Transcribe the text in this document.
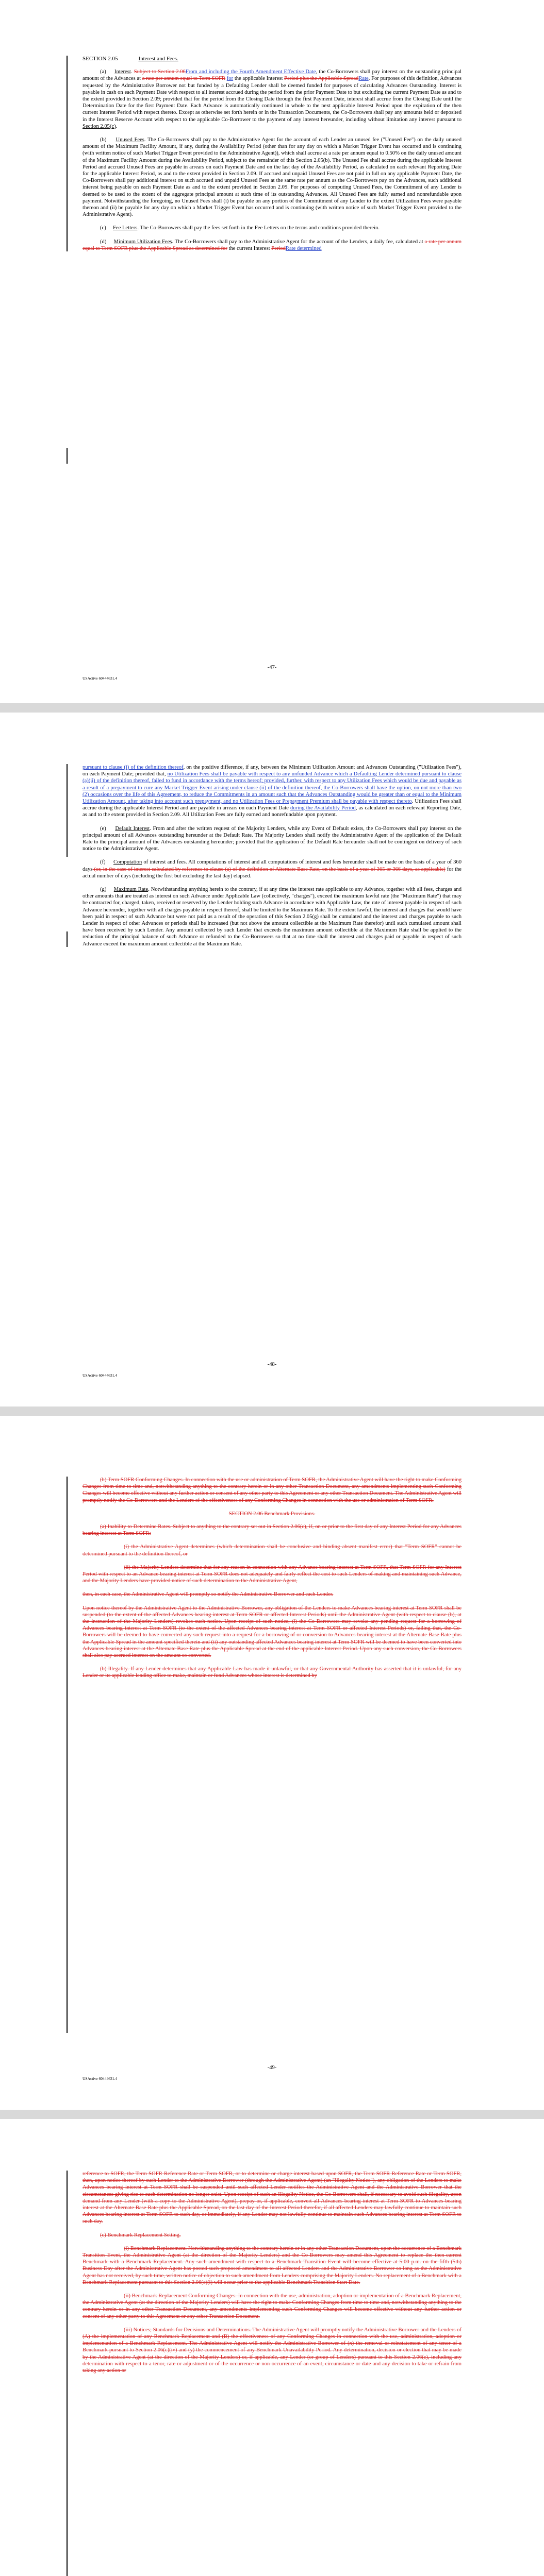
SECTION 2.05	Interest and Fees.

(a) Interest. Subject to Section 2.06From and including the Fourth Amendment Effective Date, the Co-Borrowers shall pay interest on the outstanding principal amount of the Advances at a rate per annum equal to Term SOFR for the applicable Interest Period plus the Applicable SpreadRate. For purposes of this definition, Advances requested by the Administrative Borrower not but funded by a Defaulting Lender shall be deemed funded for purposes of calculating Advances Outstanding. Interest is payable in cash on each Payment Date with respect to all interest accrued during the period from the prior Payment Date to but excluding the current Payment Date as and to the extent provided in Section 2.09; provided that for the period from the Closing Date through the first Payment Date, interest shall accrue from the Closing Date until the Determination Date for the first Payment Date. Each Advance is automatically continued in whole to the next applicable Interest Period upon the expiration of the then current Interest Period with respect thereto. Except as otherwise set forth herein or in the Transaction Documents, the Co-Borrowers shall pay any amounts held or deposited in the Interest Reserve Account with respect to the applicable Co-Borrower to the payment of any interest hereunder, including without limitation any interest pursuant to Section 2.05(c).

(b) Unused Fees. The Co-Borrowers shall pay to the Administrative Agent for the account of each Lender an unused fee ("Unused Fee") on the daily unused amount of the Maximum Facility Amount, if any, during the Availability Period (other than for any day on which a Market Trigger Event has occurred and is continuing (with written notice of such Market Trigger Event provided to the Administrative Agent)), which shall accrue at a rate per annum equal to 0.50% on the daily unused amount of the Maximum Facility Amount during the Availability Period, subject to the remainder of this Section 2.05(b). The Unused Fee shall accrue during the applicable Interest Period and accrued Unused Fees are payable in arrears on each Payment Date and on the last day of the Availability Period, as calculated on each relevant Reporting Date for the applicable Interest Period, as and to the extent provided in Section 2.09. If accrued and unpaid Unused Fees are not paid in full on any applicable Payment Date, the Co-Borrowers shall pay additional interest on such accrued and unpaid Unused Fees at the same rate per annum as the Co-Borrowers pay on the Advances, such additional interest being payable on each Payment Date as and to the extent provided in Section 2.09. For purposes of computing Unused Fees, the Commitment of any Lender is deemed to be used to the extent of the aggregate principal amount at such time of its outstanding Advances. All Unused Fees are fully earned and nonrefundable upon payment. Notwithstanding the foregoing, no Unused Fees shall (i) be payable on any portion of the Commitment of any Lender to the extent Utilization Fees were payable thereon and (ii) be payable for any day on which a Market Trigger Event has occurred and is continuing (with written notice of such Market Trigger Event provided to the Administrative Agent).

(c) Fee Letters. The Co-Borrowers shall pay the fees set forth in the Fee Letters on the terms and conditions provided therein.

(d) Minimum Utilization Fees. The Co-Borrowers shall pay to the Administrative Agent for the account of the Lenders, a daily fee, calculated at a rate per annum equal to Term SOFR plus the Applicable Spread as determined for the current Interest PeriodRate determined

-47-
USActive 60444631.4

pursuant to clause (i) of the definition thereof, on the positive difference, if any, between the Minimum Utilization Amount and Advances Outstanding ("Utilization Fees"), on each Payment Date; provided that, no Utilization Fees shall be payable with respect to any unfunded Advance which a Defaulting Lender determined pursuant to clause (a)(ii) of the definition thereof, failed to fund in accordance with the terms hereof; provided, further, with respect to any Utilization Fees which would be due and payable as a result of a prepayment to cure any Market Trigger Event arising under clause (ii) of the definition thereof, the Co-Borrowers shall have the option, on not more than two (2) occasions over the life of this Agreement, to reduce the Commitments in an amount such that the Advances Outstanding would be greater than or equal to the Minimum Utilization Amount, after taking into account such prepayment, and no Utilization Fees or Prepayment Premium shall be payable with respect thereto. Utilization Fees shall accrue during the applicable Interest Period and are payable in arrears on each Payment Date during the Availability Period, as calculated on each relevant Reporting Date, as and to the extent provided in Section 2.09. All Utilization Fees are fully earned and nonrefundable upon payment.

(e) Default Interest. From and after the written request of the Majority Lenders, while any Event of Default exists, the Co-Borrowers shall pay interest on the principal amount of all Advances outstanding hereunder at the Default Rate. The Majority Lenders shall notify the Administrative Agent of the application of the Default Rate to the principal amount of the Advances outstanding hereunder; provided that the application of the Default Rate hereunder shall not be contingent on delivery of such notice to the Administrative Agent.

(f) Computation of interest and fees. All computations of interest and all computations of interest and fees hereunder shall be made on the basis of a year of 360 days (or, in the case of interest calculated by reference to clause (a) of the definition of Alternate Base Rate, on the basis of a year of 365 or 366 days, as applicable) for the actual number of days (including the first but excluding the last day) elapsed.

(g) Maximum Rate. Notwithstanding anything herein to the contrary, if at any time the interest rate applicable to any Advance, together with all fees, charges and other amounts that are treated as interest on such Advance under Applicable Law (collectively, "charges"), exceed the maximum lawful rate (the "Maximum Rate") that may be contracted for, charged, taken, received or reserved by the Lender holding such Advance in accordance with Applicable Law, the rate of interest payable in respect of such Advance hereunder, together with all charges payable in respect thereof, shall be limited to the Maximum Rate. To the extent lawful, the interest and charges that would have been paid in respect of such Advance but were not paid as a result of the operation of this Section 2.05(g) shall be cumulated and the interest and charges payable to such Lender in respect of other Advances or periods shall be increased (but not above the amount collectible at the Maximum Rate therefor) until such cumulated amount shall have been received by such Lender. Any amount collected by such Lender that exceeds the maximum amount collectible at the Maximum Rate shall be applied to the reduction of the principal balance of such Advance or refunded to the Co-Borrowers so that at no time shall the interest and charges paid or payable in respect of such Advance exceed the maximum amount collectible at the Maximum Rate.

-48-
USActive 60444631.4

(h) Term SOFR Conforming Changes. In connection with the use or administration of Term SOFR, the Administrative Agent will have the right to make Conforming Changes from time to time and, notwithstanding anything to the contrary herein or in any other Transaction Document, any amendments implementing such Conforming Changes will become effective without any further action or consent of any other party to this Agreement or any other Transaction Document. The Administrative Agent will promptly notify the Co-Borrowers and the Lenders of the effectiveness of any Conforming Changes in connection with the use or administration of Term SOFR.

SECTION 2.06 Benchmark Provisions.

(a) Inability to Determine Rates. Subject to anything to the contrary set out in Section 2.06(c), if, on or prior to the first day of any Interest Period for any Advances bearing interest at Term SOFR:

(i) the Administrative Agent determines (which determination shall be conclusive and binding absent manifest error) that "Term SOFR" cannot be determined pursuant to the definition thereof, or

(ii) the Majority Lenders determine that for any reason in connection with any Advance bearing interest at Term SOFR, that Term SOFR for any Interest Period with respect to an Advance bearing interest at Term SOFR does not adequately and fairly reflect the cost to such Lenders of making and maintaining such Advance, and the Majority Lenders have provided notice of such determination to the Administrative Agent,

then, in each case, the Administrative Agent will promptly so notify the Administrative Borrower and each Lender.

Upon notice thereof by the Administrative Agent to the Administrative Borrower, any obligation of the Lenders to make Advances bearing interest at Term SOFR shall be suspended (to the extent of the affected Advances bearing interest at Term SOFR or affected Interest Periods) until the Administrative Agent (with respect to clause (b), at the instruction of the Majority Lenders) revokes such notice. Upon receipt of such notice, (i) the Co-Borrowers may revoke any pending request for a borrowing of Advances bearing interest at Term SOFR (to the extent of the affected Advances bearing interest at Term SOFR or affected Interest Periods) or, failing that, the Co-Borrowers will be deemed to have converted any such request into a request for a borrowing of or conversion to Advances bearing interest at the Alternate Base Rate plus the Applicable Spread in the amount specified therein and (ii) any outstanding affected Advances bearing interest at Term SOFR will be deemed to have been converted into Advances bearing interest at the Alternate Base Rate plus the Applicable Spread at the end of the applicable Interest Period. Upon any such conversion, the Co-Borrowers shall also pay accrued interest on the amount so converted.

(b) Illegality. If any Lender determines that any Applicable Law has made it unlawful, or that any Governmental Authority has asserted that it is unlawful, for any Lender or its applicable lending office to make, maintain or fund Advances whose interest is determined by

-49-
USActive 60444631.4

reference to SOFR, the Term SOFR Reference Rate or Term SOFR, or to determine or charge interest based upon SOFR, the Term SOFR Reference Rate or Term SOFR, then, upon notice thereof by such Lender to the Administrative Borrower (through the Administrative Agent) (an "Illegality Notice"), any obligation of the Lenders to make Advances bearing interest at Term SOFR shall be suspended until such affected Lender notifies the Administrative Agent and the Administrative Borrower that the circumstances giving rise to such determination no longer exist. Upon receipt of such an Illegality Notice, the Co-Borrowers shall, if necessary to avoid such illegality, upon demand from any Lender (with a copy to the Administrative Agent), prepay or, if applicable, convert all Advances bearing interest at Term SOFR to Advances bearing interest at the Alternate Base Rate plus the Applicable Spread, on the last day of the Interest Period therefor, if all affected Lenders may lawfully continue to maintain such Advances bearing interest at Term SOFR to such day, or immediately, if any Lender may not lawfully continue to maintain such Advances bearing interest at Term SOFR to such day.

(c) Benchmark Replacement Setting.

(i) Benchmark Replacement. Notwithstanding anything to the contrary herein or in any other Transaction Document, upon the occurrence of a Benchmark Transition Event, the Administrative Agent (at the direction of the Majority Lenders) and the Co-Borrowers may amend this Agreement to replace the then-current Benchmark with a Benchmark Replacement. Any such amendment with respect to a Benchmark Transition Event will become effective at 5:00 p.m. on the fifth (5th) Business Day after the Administrative Agent has posted such proposed amendment to all affected Lenders and the Administrative Borrower so long as the Administrative Agent has not received, by such time, written notice of objection to such amendment from Lenders comprising the Majority Lenders. No replacement of a Benchmark with a Benchmark Replacement pursuant to this Section 2.06(c)(i) will occur prior to the applicable Benchmark Transition Start Date.

(ii) Benchmark Replacement Conforming Changes. In connection with the use, administration, adoption or implementation of a Benchmark Replacement, the Administrative Agent (at the direction of the Majority Lenders) will have the right to make Conforming Changes from time to time and, notwithstanding anything to the contrary herein or in any other Transaction Document, any amendments implementing such Conforming Changes will become effective without any further action or consent of any other party to this Agreement or any other Transaction Document.

(iii) Notices; Standards for Decisions and Determinations. The Administrative Agent will promptly notify the Administrative Borrower and the Lenders of (A) the implementation of any Benchmark Replacement and (B) the effectiveness of any Conforming Changes in connection with the use, administration, adoption or implementation of a Benchmark Replacement. The Administrative Agent will notify the Administrative Borrower of (x) the removal or reinstatement of any tenor of a Benchmark pursuant to Section 2.06(c)(iv) and (y) the commencement of any Benchmark Unavailability Period. Any determination, decision or election that may be made by the Administrative Agent (at the direction of the Majority Lenders) or, if applicable, any Lender (or group of Lenders) pursuant to this Section 2.06(c), including any determination with respect to a tenor, rate or adjustment or of the occurrence or non-occurrence of an event, circumstance or date and any decision to take or refrain from taking any action or
